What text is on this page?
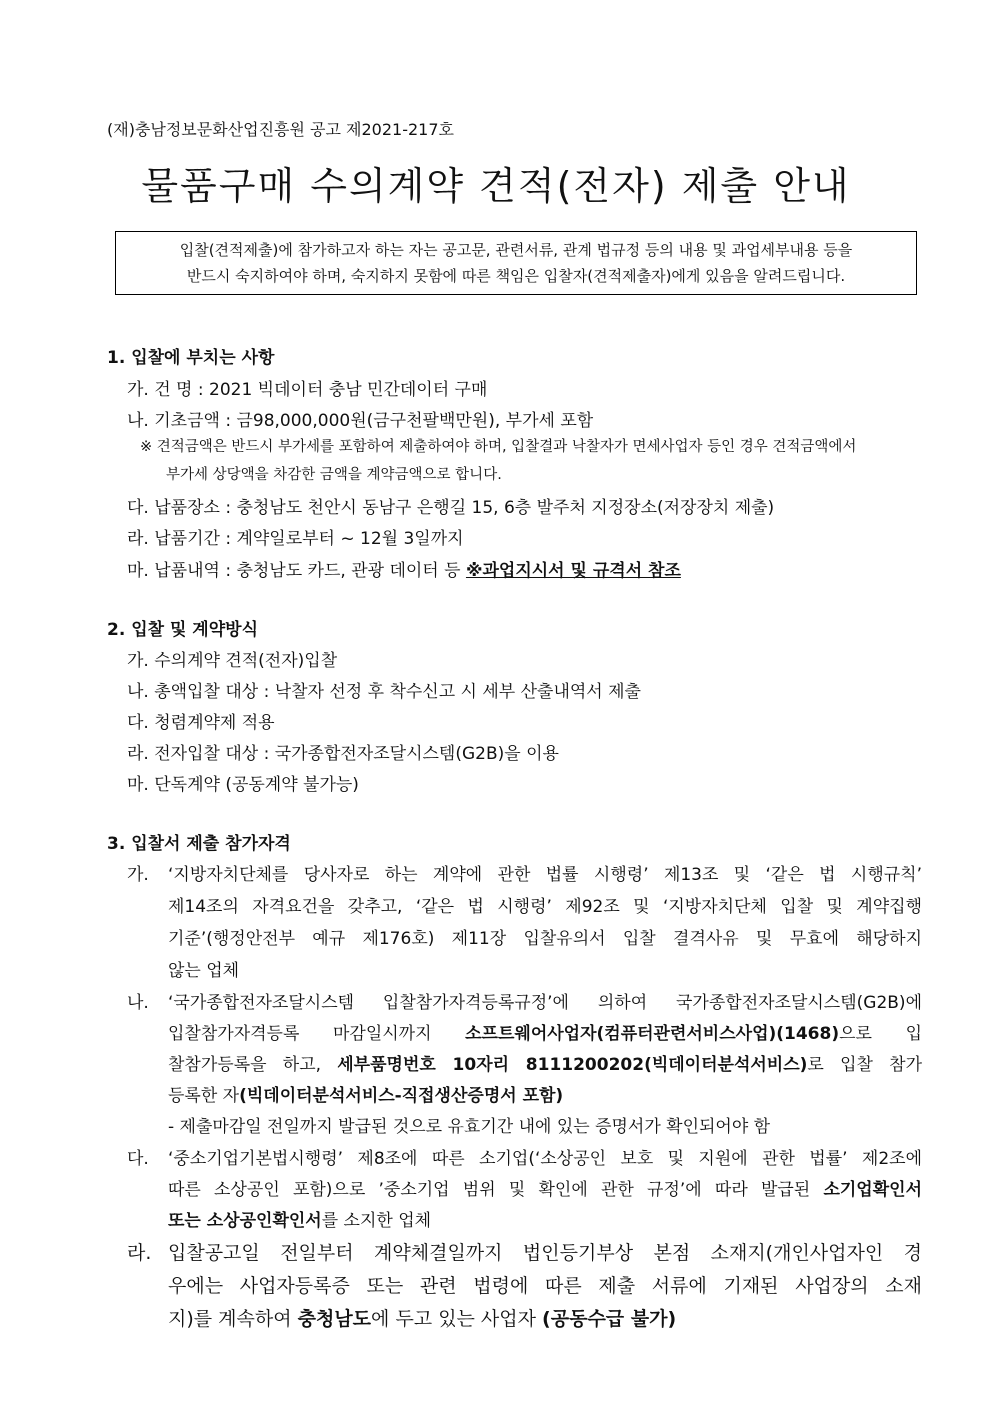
(재)충남정보문화산업진흥원 공고 제2021-217호
물품구매 수의계약 견적(전자) 제출 안내
입찰(견적제출)에 참가하고자 하는 자는 공고문, 관련서류, 관계 법규정 등의 내용 및 과업세부내용 등을
반드시 숙지하여야 하며, 숙지하지 못함에 따른 책임은 입찰자(견적제출자)에게 있음을 알려드립니다.
1. 입찰에 부치는 사항
가. 건 명 : 2021 빅데이터 충남 민간데이터 구매
나. 기초금액 : 금98,000,000원(금구천팔백만원), 부가세 포함
※ 견적금액은 반드시 부가세를 포함하여 제출하여야 하며, 입찰결과 낙찰자가 면세사업자 등인 경우 견적금액에서
부가세 상당액을 차감한 금액을 계약금액으로 합니다.
다. 납품장소 : 충청남도 천안시 동남구 은행길 15, 6층 발주처 지정장소(저장장치 제출)
라. 납품기간 : 계약일로부터 ~ 12월 3일까지
마. 납품내역 : 충청남도 카드, 관광 데이터 등 ※과업지시서 및 규격서 참조
2. 입찰 및 계약방식
가. 수의계약 견적(전자)입찰
나. 총액입찰 대상 : 낙찰자 선정 후 착수신고 시 세부 산출내역서 제출
다. 청렴계약제 적용
라. 전자입찰 대상 : 국가종합전자조달시스템(G2B)을 이용
마. 단독계약 (공동계약 불가능)
3. 입찰서 제출 참가자격
가. ‘지방자치단체를 당사자로 하는 계약에 관한 법률 시행령’ 제13조 및 ‘같은 법 시행규칙’
제14조의 자격요건을 갖추고, ‘같은 법 시행령’ 제92조 및 ‘지방자치단체 입찰 및 계약집행
기준’(행정안전부 예규 제176호) 제11장 입찰유의서 입찰 결격사유 및 무효에 해당하지
않는 업체
나. ‘국가종합전자조달시스템 입찰참가자격등록규정’에 의하여 국가종합전자조달시스템(G2B)에
입찰참가자격등록 마감일시까지 소프트웨어사업자(컴퓨터관련서비스사업)(1468)으로 입
찰참가등록을 하고, 세부품명번호 10자리 8111200202(빅데이터분석서비스)로 입찰 참가
등록한 자(빅데이터분석서비스-직접생산증명서 포함)
- 제출마감일 전일까지 발급된 것으로 유효기간 내에 있는 증명서가 확인되어야 함
다. ‘중소기업기본법시행령’ 제8조에 따른 소기업(‘소상공인 보호 및 지원에 관한 법률’ 제2조에
따른 소상공인 포함)으로 ’중소기업 범위 및 확인에 관한 규정’에 따라 발급된 소기업확인서
또는 소상공인확인서를 소지한 업체
라. 입찰공고일 전일부터 계약체결일까지 법인등기부상 본점 소재지(개인사업자인 경
우에는 사업자등록증 또는 관련 법령에 따른 제출 서류에 기재된 사업장의 소재
지)를 계속하여 충청남도에 두고 있는 사업자 (공동수급 불가)
